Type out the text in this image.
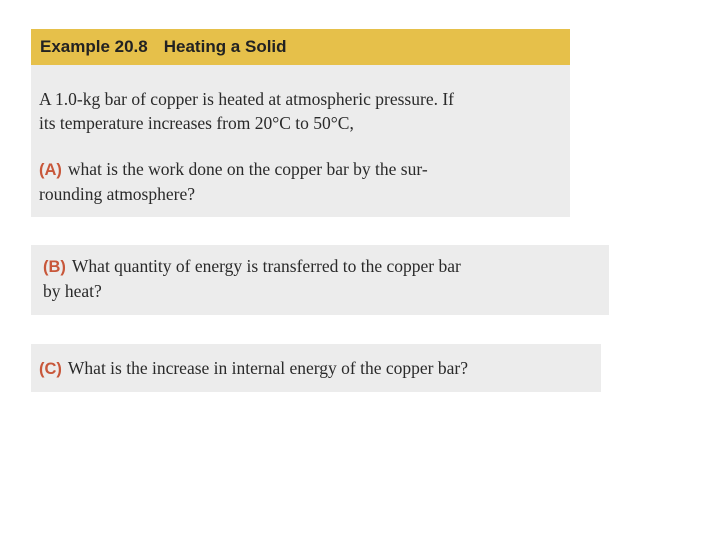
Example 20.8 Heating a Solid

A 1.0-kg bar of copper is heated at atmospheric pressure. If
its temperature increases from 20°C to 50°C,

(A) what is the work done on the copper bar by the sur-
rounding atmosphere?

(B) What quantity of energy is transferred to the copper bar
by heat?

(C) What is the increase in internal energy of the copper bar?
